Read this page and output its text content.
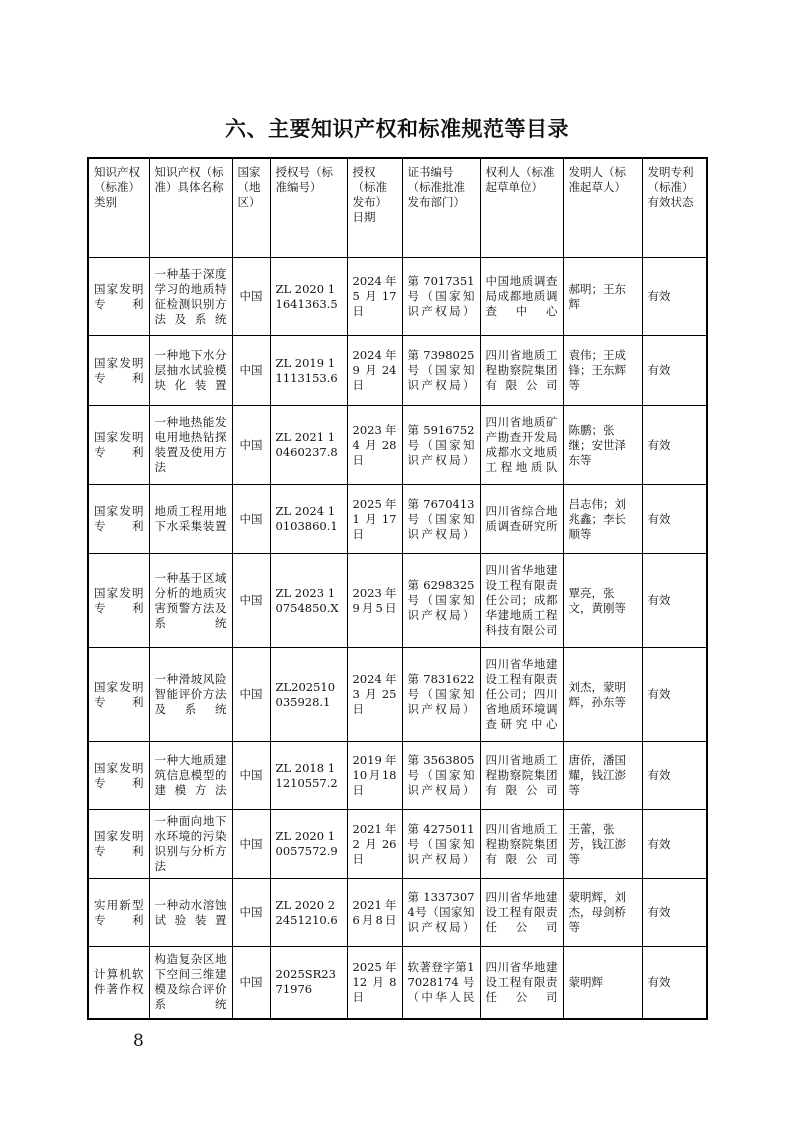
六、主要知识产权和标准规范等目录
知识产权（标准）类别	知识产权（标准）具体名称	国家（地区）	授权号（标准编号）	授权（标准发布）日期	证书编号（标准批准发布部门）	权利人（标准起草单位）	发明人（标准起草人）	发明专利（标准）有效状态
国家发明专利	一种基于深度学习的地质特征检测识别方法及系统	中国	ZL 2020 1 1641363.5	2024年5月17日	第 7017351号（国家知识产权局）	中国地质调查局成都地质调查中心	郝明；王东辉	有效
国家发明专利	一种地下水分层抽水试验模块化装置	中国	ZL 2019 1 1113153.6	2024年9月24日	第 7398025号（国家知识产权局）	四川省地质工程勘察院集团有限公司	袁伟；王成锋；王东辉等	有效
国家发明专利	一种地热能发电用地热钻探装置及使用方法	中国	ZL 2021 1 0460237.8	2023年4月28日	第 5916752号（国家知识产权局）	四川省地质矿产勘查开发局成都水文地质工程地质队	陈鹏；张继；安世泽东等	有效
国家发明专利	地质工程用地下水采集装置	中国	ZL 2024 1 0103860.1	2025年1月17日	第 7670413号（国家知识产权局）	四川省综合地质调查研究所	吕志伟；刘兆鑫；李长顺等	有效
国家发明专利	一种基于区域分析的地质灾害预警方法及系统	中国	ZL 2023 1 0754850.X	2023年9月5日	第 6298325号（国家知识产权局）	四川省华地建设工程有限责任公司；成都华建地质工程科技有限公司	覃亮，张文，黄刚等	有效
国家发明专利	一种滑坡风险智能评价方法及系统	中国	ZL202510035928.1	2024年3月25日	第 7831622号（国家知识产权局）	四川省华地建设工程有限责任公司；四川省地质环境调查研究中心	刘杰，蒙明辉，孙东等	有效
国家发明专利	一种大地质建筑信息模型的建模方法	中国	ZL 2018 1 1210557.2	2019年10月18日	第 3563805号（国家知识产权局）	四川省地质工程勘察院集团有限公司	唐侨，潘国耀，钱江澎等	有效
国家发明专利	一种面向地下水环境的污染识别与分析方法	中国	ZL 2020 1 0057572.9	2021年2月26日	第 4275011号（国家知识产权局）	四川省地质工程勘察院集团有限公司	王蕾，张芳，钱江澎等	有效
实用新型专利	一种动水溶蚀试验装置	中国	ZL 2020 2 2451210.6	2021年6月8日	第 13373074号（国家知识产权局）	四川省华地建设工程有限责任公司	蒙明辉，刘杰，母剑桥等	有效
计算机软件著作权	构造复杂区地下空间三维建模及综合评价系统	中国	2025SR2371976	2025年12月8日	软著登字第17028174号（中华人民	四川省华地建设工程有限责任公司	蒙明辉	有效
8
